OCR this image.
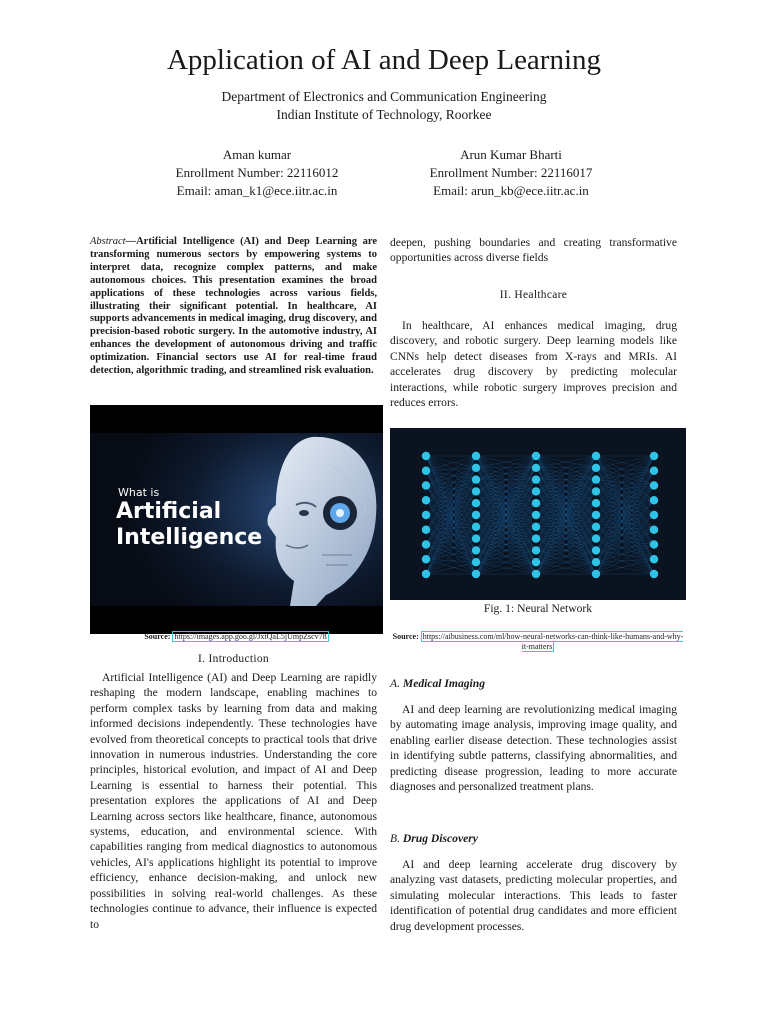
Application of AI and Deep Learning
Department of Electronics and Communication Engineering
Indian Institute of Technology, Roorkee
Aman kumar
Enrollment Number: 22116012
Email: aman_k1@ece.iitr.ac.in
Arun Kumar Bharti
Enrollment Number: 22116017
Email: arun_kb@ece.iitr.ac.in
Abstract—Artificial Intelligence (AI) and Deep Learning are transforming numerous sectors by empowering systems to interpret data, recognize complex patterns, and make autonomous choices. This presentation examines the broad applications of these technologies across various fields, illustrating their significant potential. In healthcare, AI supports advancements in medical imaging, drug discovery, and precision-based robotic surgery. In the automotive industry, AI enhances the development of autonomous driving and traffic optimization. Financial sectors use AI for real-time fraud detection, algorithmic trading, and streamlined risk evaluation.
What is
Artificial
Intelligence
Source: https://images.app.goo.gl/JxtQaL5jUmpZscv78
I. Introduction
Artificial Intelligence (AI) and Deep Learning are rapidly reshaping the modern landscape, enabling machines to perform complex tasks by learning from data and making informed decisions independently. These technologies have evolved from theoretical concepts to practical tools that drive innovation in numerous industries. Understanding the core principles, historical evolution, and impact of AI and Deep Learning is essential to harness their potential. This presentation explores the applications of AI and Deep Learning across sectors like healthcare, finance, autonomous systems, education, and environmental science. With capabilities ranging from medical diagnostics to autonomous vehicles, AI's applications highlight its potential to improve efficiency, enhance decision-making, and unlock new possibilities in solving real-world challenges. As these technologies continue to advance, their influence is expected to
deepen, pushing boundaries and creating transformative opportunities across diverse fields
II. Healthcare
In healthcare, AI enhances medical imaging, drug discovery, and robotic surgery. Deep learning models like CNNs help detect diseases from X-rays and MRIs. AI accelerates drug discovery by predicting molecular interactions, while robotic surgery improves precision and reduces errors.
Fig. 1: Neural Network
Source: https://aibusiness.com/ml/how-neural-networks-can-think-like-humans-and-why-it-matters
A. Medical Imaging
AI and deep learning are revolutionizing medical imaging by automating image analysis, improving image quality, and enabling earlier disease detection. These technologies assist in identifying subtle patterns, classifying abnormalities, and predicting disease progression, leading to more accurate diagnoses and personalized treatment plans.
B. Drug Discovery
AI and deep learning accelerate drug discovery by analyzing vast datasets, predicting molecular properties, and simulating molecular interactions. This leads to faster identification of potential drug candidates and more efficient drug development processes.
